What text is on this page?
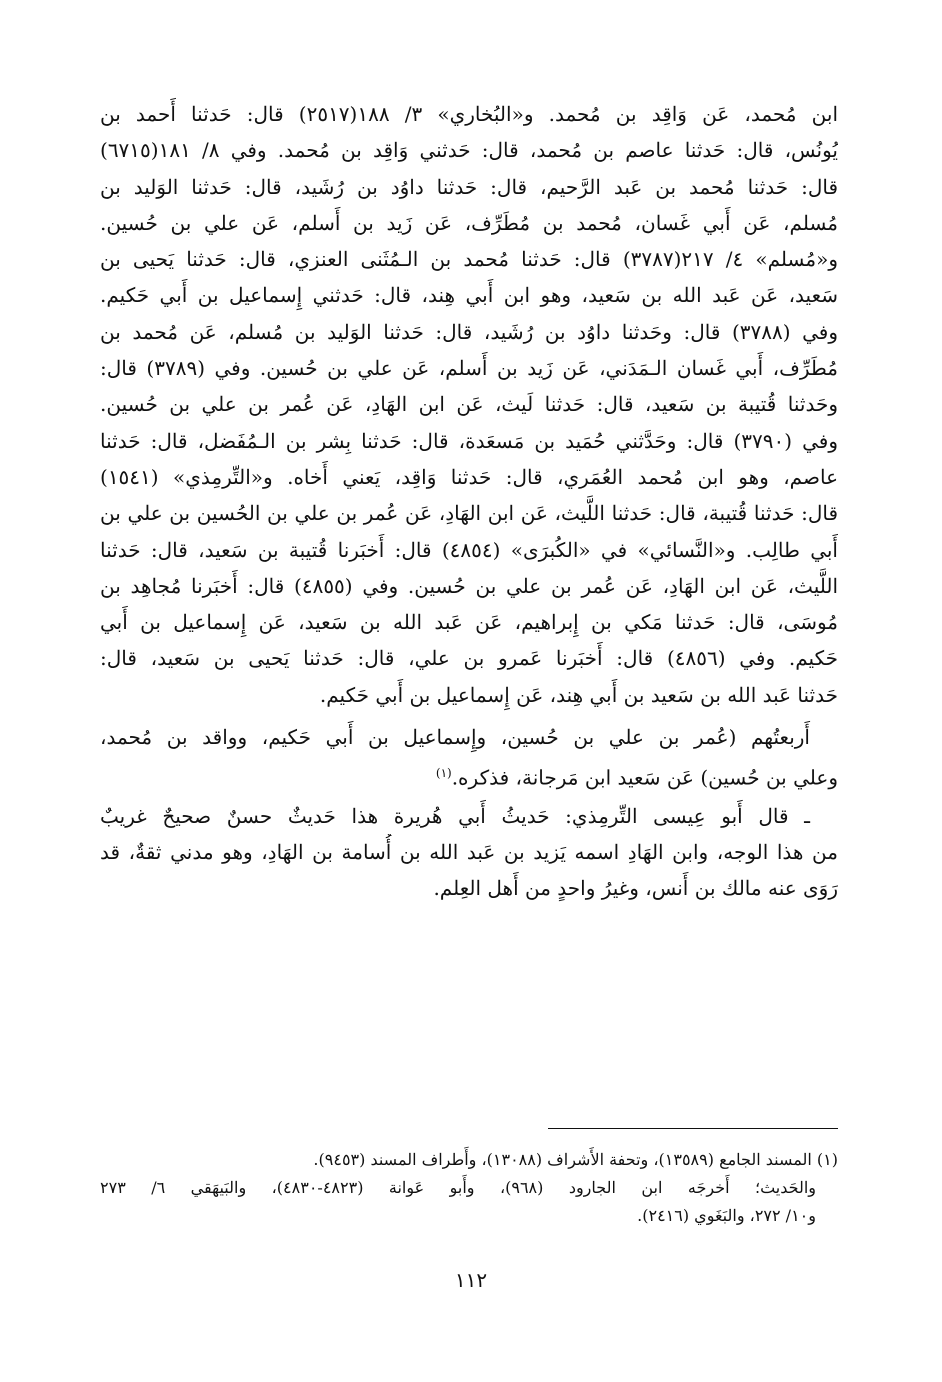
ابن مُحمد، عَن وَاقِد بن مُحمد. و«البُخاري» ٣/ ١٨٨(٢٥١٧) قال: حَدثنا أَحمد بن
يُونُس، قال: حَدثنا عاصم بن مُحمد، قال: حَدثني وَاقِد بن مُحمد. وفي ٨/ ١٨١(٦٧١٥)
قال: حَدثنا مُحمد بن عَبد الرَّحيم، قال: حَدثنا داوُد بن رُشَيد، قال: حَدثنا الوَليد بن
مُسلم، عَن أَبي غَسان، مُحمد بن مُطَرِّف، عَن زَيد بن أَسلم، عَن علي بن حُسين.
و«مُسلم» ٤/ ٢١٧(٣٧٨٧) قال: حَدثنا مُحمد بن الـمُثَنى العنزي، قال: حَدثنا يَحيى بن
سَعيد، عَن عَبد الله بن سَعيد، وهو ابن أَبي هِند، قال: حَدثني إِسماعيل بن أَبي حَكيم.
وفي (٣٧٨٨) قال: وحَدثنا داوُد بن رُشَيد، قال: حَدثنا الوَليد بن مُسلم، عَن مُحمد بن
مُطَرِّف، أَبي غَسان الـمَدَني، عَن زَيد بن أَسلم، عَن علي بن حُسين. وفي (٣٧٨٩) قال:
وحَدثنا قُتيبة بن سَعيد، قال: حَدثنا لَيث، عَن ابن الهَادِ، عَن عُمر بن علي بن حُسين.
وفي (٣٧٩٠) قال: وحَدَّثني حُمَيد بن مَسعَدة، قال: حَدثنا بِشر بن الـمُفَضل، قال: حَدثنا
عاصم، وهو ابن مُحمد العُمَري، قال: حَدثنا وَاقِد، يَعني أَخاه. و«التِّرمِذي» (١٥٤١)
قال: حَدثنا قُتيبة، قال: حَدثنا اللَّيث، عَن ابن الهَادِ، عَن عُمر بن علي بن الحُسين بن علي بن
أَبي طالِب. و«النَّسائي» في «الكُبرَى» (٤٨٥٤) قال: أَخبَرنا قُتيبة بن سَعيد، قال: حَدثنا
اللَّيث، عَن ابن الهَادِ، عَن عُمر بن علي بن حُسين. وفي (٤٨٥٥) قال: أَخبَرنا مُجاهِد بن
مُوسَى، قال: حَدثنا مَكي بن إِبراهيم، عَن عَبد الله بن سَعيد، عَن إِسماعيل بن أَبي
حَكيم. وفي (٤٨٥٦) قال: أَخبَرنا عَمرو بن علي، قال: حَدثنا يَحيى بن سَعيد، قال:
حَدثنا عَبد الله بن سَعيد بن أَبي هِند، عَن إِسماعيل بن أَبي حَكيم.
أَربعتُهم (عُمر بن علي بن حُسين، وإِسماعيل بن أَبي حَكيم، وواقد بن مُحمد،
وعلي بن حُسين) عَن سَعيد ابن مَرجانة، فذكره.$^{(١)}$
ـ قال أَبو عِيسى التِّرمِذي: حَديثُ أَبي هُريرة هذا حَديثٌ حسنٌ صحيحٌ غريبٌ
من هذا الوجه، وابن الهَادِ اسمه يَزيد بن عَبد الله بن أُسامة بن الهَادِ، وهو مدني ثقةٌ، قد
رَوَى عنه مالك بن أَنس، وغيرُ واحدٍ من أَهل العِلم.
(١) المسند الجامع (١٣٥٨٩)، وتحفة الأَشراف (١٣٠٨٨)، وأَطراف المسند (٩٤٥٣).
والحَديث؛ أَخرجَه ابن الجارود (٩٦٨)، وأَبو عَوانة (٤٨٢٣-٤٨٣٠)، والبَيهَقي ٦/ ٢٧٣
و١٠/ ٢٧٢، والبَغَوي (٢٤١٦).
١١٢
